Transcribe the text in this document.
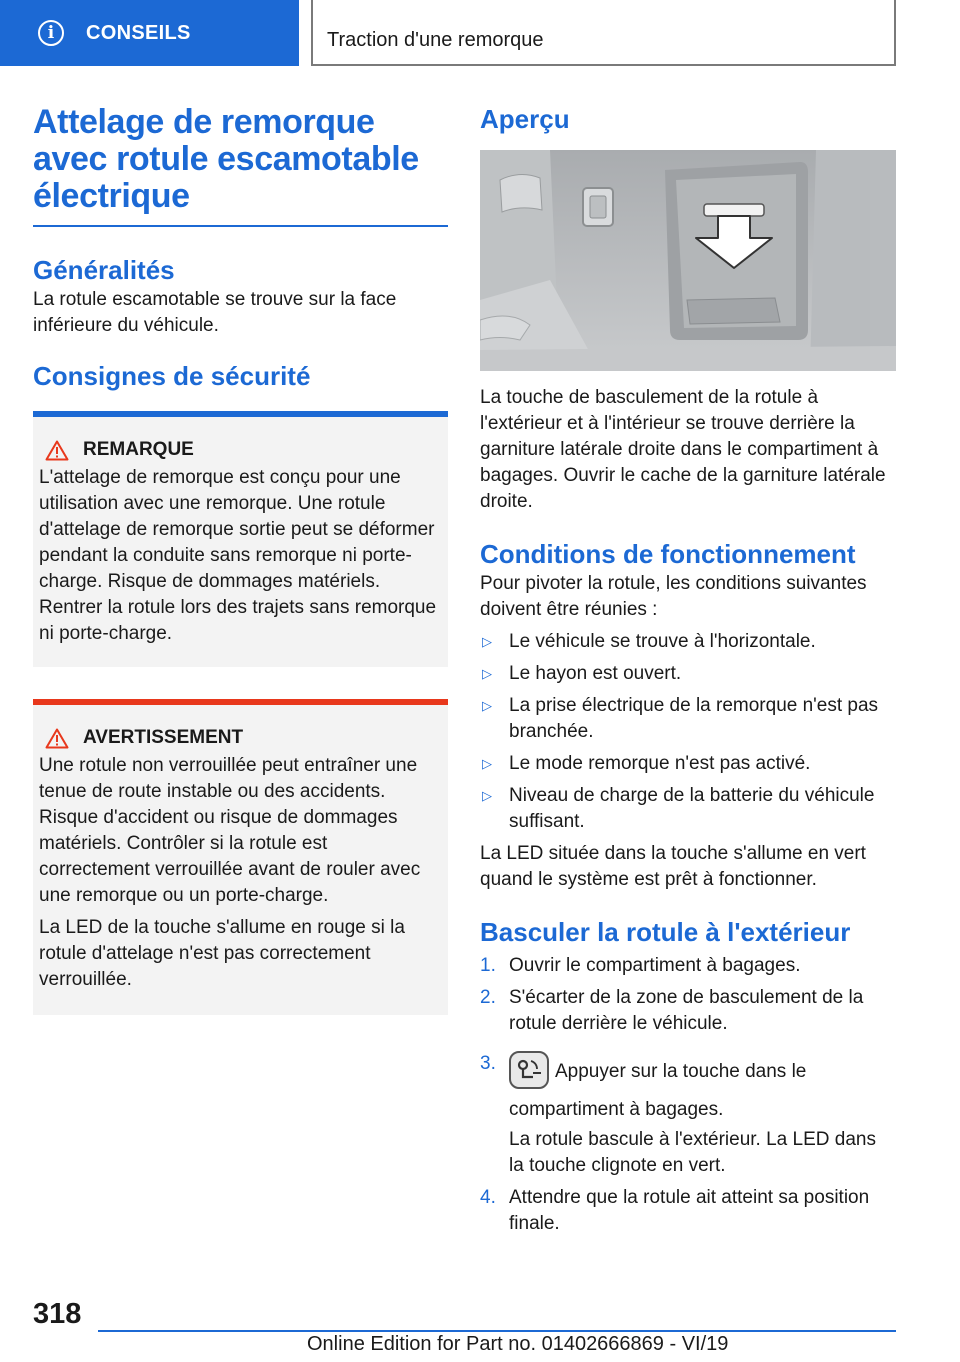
i	CONSEILS	Traction d'une remorque
Attelage de remorque avec rotule escamotable électrique
Généralités

La rotule escamotable se trouve sur la face inférieure du véhicule.

Consignes de sécurité
REMARQUE

L'attelage de remorque est conçu pour une utilisation avec une remorque. Une rotule d'attelage de remorque sortie peut se déformer pendant la conduite sans remorque ni porte-charge. Risque de dommages matériels. Rentrer la rotule lors des trajets sans remorque ni porte-charge.

AVERTISSEMENT

Une rotule non verrouillée peut entraîner une tenue de route instable ou des accidents. Risque d'accident ou risque de dommages matériels. Contrôler si la rotule est correctement verrouillée avant de rouler avec une remorque ou un porte-charge.

La LED de la touche s'allume en rouge si la rotule d'attelage n'est pas correctement verrouillée.

Aperçu

La touche de basculement de la rotule à l'extérieur et à l'intérieur se trouve derrière la garniture latérale droite dans le compartiment à bagages. Ouvrir le cache de la garniture latérale droite.

Conditions de fonctionnement

Pour pivoter la rotule, les conditions suivantes doivent être réunies :

▷ Le véhicule se trouve à l'horizontale.
▷ Le hayon est ouvert.
▷ La prise électrique de la remorque n'est pas branchée.
▷ Le mode remorque n'est pas activé.
▷ Niveau de charge de la batterie du véhicule suffisant.

La LED située dans la touche s'allume en vert quand le système est prêt à fonctionner.

Basculer la rotule à l'extérieur
1. Ouvrir le compartiment à bagages.
2. S'écarter de la zone de basculement de la rotule derrière le véhicule.
3.	Appuyer sur la touche dans le compartiment à bagages.

La rotule bascule à l'extérieur. La LED dans la touche clignote en vert.

4. Attendre que la rotule ait atteint sa position finale.
318
Online Edition for Part no. 01402666869 - VI/19
